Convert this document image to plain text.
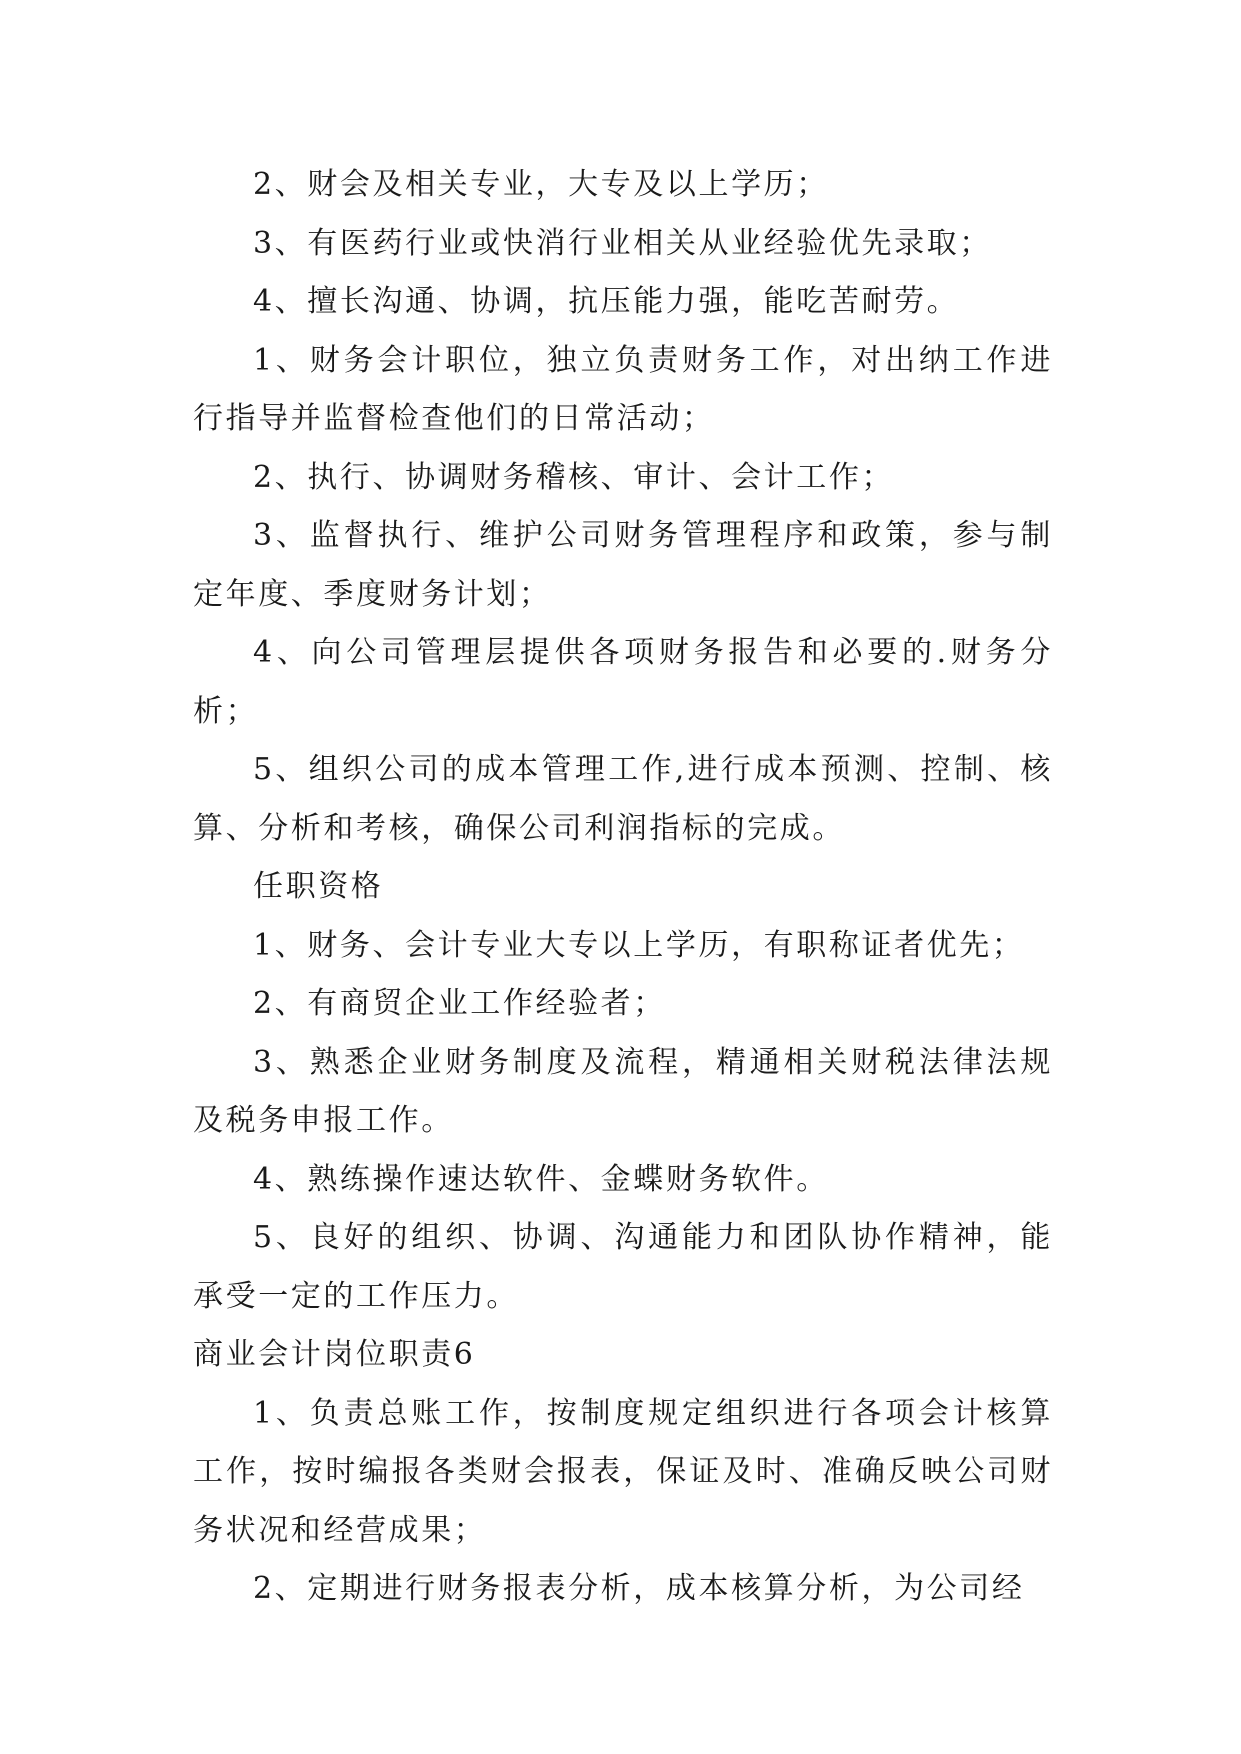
2、财会及相关专业，大专及以上学历；

3、有医药行业或快消行业相关从业经验优先录取；

4、擅长沟通、协调，抗压能力强，能吃苦耐劳。

1、财务会计职位，独立负责财务工作，对出纳工作进行指导并监督检查他们的日常活动；

2、执行、协调财务稽核、审计、会计工作；

3、监督执行、维护公司财务管理程序和政策，参与制定年度、季度财务计划；

4、向公司管理层提供各项财务报告和必要的.财务分析；

5、组织公司的成本管理工作,进行成本预测、控制、核算、分析和考核，确保公司利润指标的完成。

任职资格

1、财务、会计专业大专以上学历，有职称证者优先；

2、有商贸企业工作经验者；

3、熟悉企业财务制度及流程，精通相关财税法律法规及税务申报工作。

4、熟练操作速达软件、金蝶财务软件。

5、良好的组织、协调、沟通能力和团队协作精神，能承受一定的工作压力。

商业会计岗位职责6

1、负责总账工作，按制度规定组织进行各项会计核算工作，按时编报各类财会报表，保证及时、准确反映公司财务状况和经营成果；

2、定期进行财务报表分析，成本核算分析，为公司经
